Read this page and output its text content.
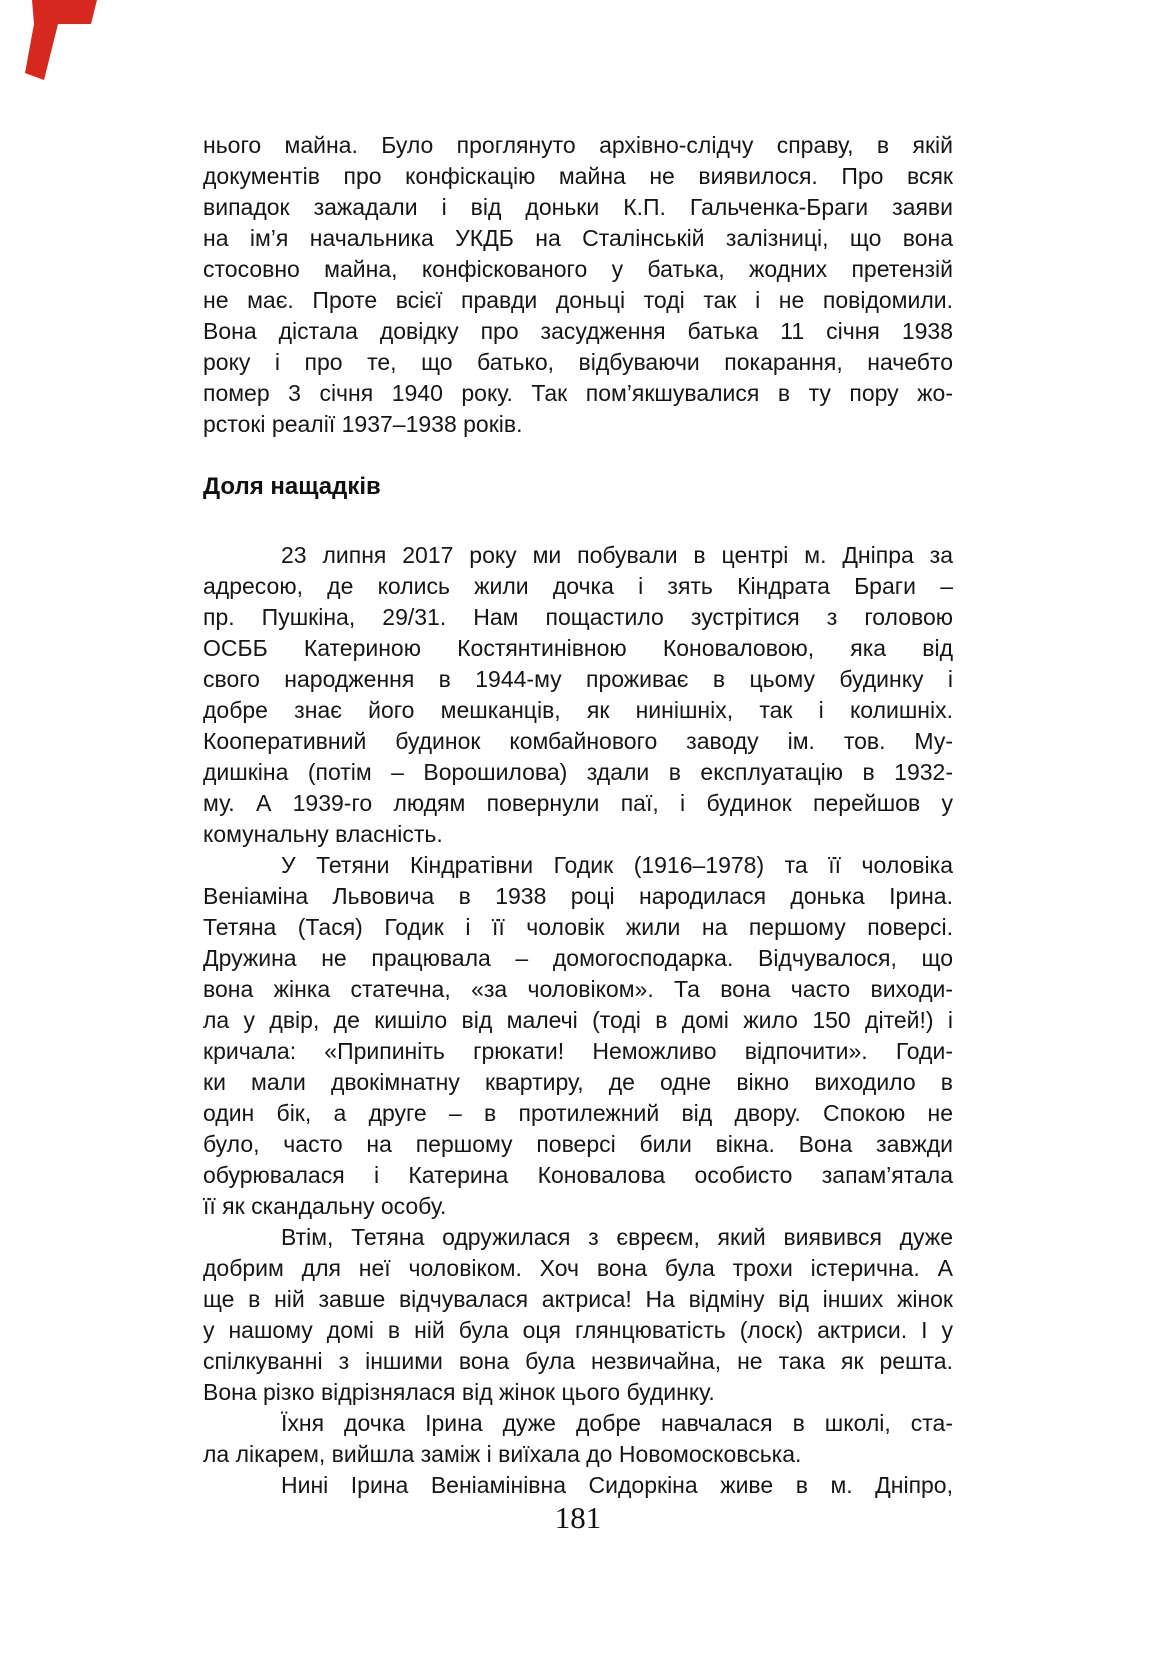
нього майна. Було проглянуто архівно-слідчу справу, в якій
документів про конфіскацію майна не виявилося. Про всяк
випадок зажадали і від доньки К.П. Гальченка-Браги заяви
на ім’я начальника УКДБ на Сталінській залізниці, що вона
стосовно майна, конфіскованого у батька, жодних претензій
не має. Проте всієї правди доньці тоді так і не повідомили.
Вона дістала довідку про засудження батька 11 січня 1938
року і про те, що батько, відбуваючи покарання, начебто
помер 3 січня 1940 року. Так пом’якшувалися в ту пору жо-
рстокі реалії 1937–1938 років.
Доля нащадків
23 липня 2017 року ми побували в центрі м. Дніпра за
адресою, де колись жили дочка і зять Кіндрата Браги –
пр. Пушкіна, 29/31. Нам пощастило зустрітися з головою
ОСББ Катериною Костянтинівною Коноваловою, яка від
свого народження в 1944-му проживає в цьому будинку і
добре знає його мешканців, як нинішніх, так і колишніх.
Кооперативний будинок комбайнового заводу ім. тов. Му-
дишкіна (потім – Ворошилова) здали в експлуатацію в 1932-
му. А 1939-го людям повернули паї, і будинок перейшов у
комунальну власність.
У Тетяни Кіндратівни Годик (1916–1978) та її чоловіка
Веніаміна Львовича в 1938 році народилася донька Ірина.
Тетяна (Тася) Годик і її чоловік жили на першому поверсі.
Дружина не працювала – домогосподарка. Відчувалося, що
вона жінка статечна, «за чоловіком». Та вона часто виходи-
ла у двір, де кишіло від малечі (тоді в домі жило 150 дітей!) і
кричала: «Припиніть грюкати! Неможливо відпочити». Годи-
ки мали двокімнатну квартиру, де одне вікно виходило в
один бік, а друге – в протилежний від двору. Спокою не
було, часто на першому поверсі били вікна. Вона завжди
обурювалася і Катерина Коновалова особисто запам’ятала
її як скандальну особу.
Втім, Тетяна одружилася з євреєм, який виявився дуже
добрим для неї чоловіком. Хоч вона була трохи істерична. А
ще в ній завше відчувалася актриса! На відміну від інших жінок
у нашому домі в ній була оця глянцюватість (лоск) актриси. І у
спілкуванні з іншими вона була незвичайна, не така як решта.
Вона різко відрізнялася від жінок цього будинку.
Їхня дочка Ірина дуже добре навчалася в школі, ста-
ла лікарем, вийшла заміж і виїхала до Новомосковська.
Нині Ірина Веніамінівна Сидоркіна живе в м. Дніпро,
181
